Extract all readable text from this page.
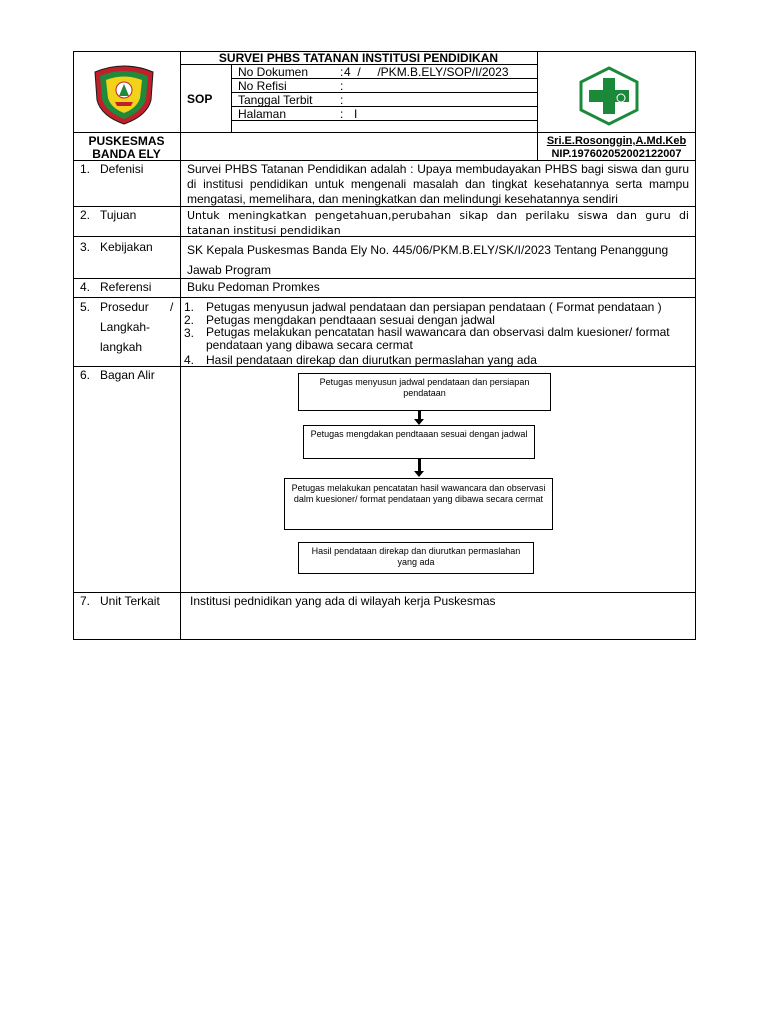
SURVEI PHBS TATANAN INSTITUSI PENDIDIKAN
SOP
No Dokumen	: 4  /     /PKM.B.ELY/SOP/I/2023
No Refisi	:
Tanggal Terbit :
Halaman	: I
PUSKESMAS
BANDA ELY
Sri.E.Rosonggin,A.Md.Keb
NIP.197602052002122007
1. Defenisi	Survei PHBS Tatanan Pendidikan adalah : Upaya membudayakan PHBS bagi siswa dan guru di institusi pendidikan untuk mengenali masalah dan tingkat kesehatannya serta mampu mengatasi, memelihara, dan meningkatkan dan melindungi kesehatannya sendiri
2. Tujuan	Untuk meningkatkan pengetahuan,perubahan sikap dan perilaku siswa dan guru di tatanan institusi pendidikan
3. Kebijakan	SK Kepala Puskesmas Banda Ely No. 445/06/PKM.B.ELY/SK/I/2023 Tentang Penanggung Jawab Program
4. Referensi	Buku Pedoman Promkes
5. Prosedur /
Langkah-
langkah
1. Petugas menyusun jadwal pendataan dan persiapan pendataan ( Format pendataan )
2. Petugas mengdakan pendtaaan sesuai dengan jadwal
3. Petugas melakukan pencatatan hasil wawancara dan observasi dalm kuesioner/ format pendataan yang dibawa secara cermat
4. Hasil pendataan direkap dan diurutkan permaslahan yang ada
6. Bagan Alir	Petugas menyusun jadwal pendataan dan persiapan pendataan
Petugas mengdakan pendtaaan sesuai dengan jadwal
Petugas melakukan pencatatan hasil wawancara dan observasi dalm kuesioner/ format pendataan yang dibawa secara cermat
Hasil pendataan direkap dan diurutkan permaslahan yang ada
7. Unit Terkait	Institusi pednidikan yang ada di wilayah kerja Puskesmas
